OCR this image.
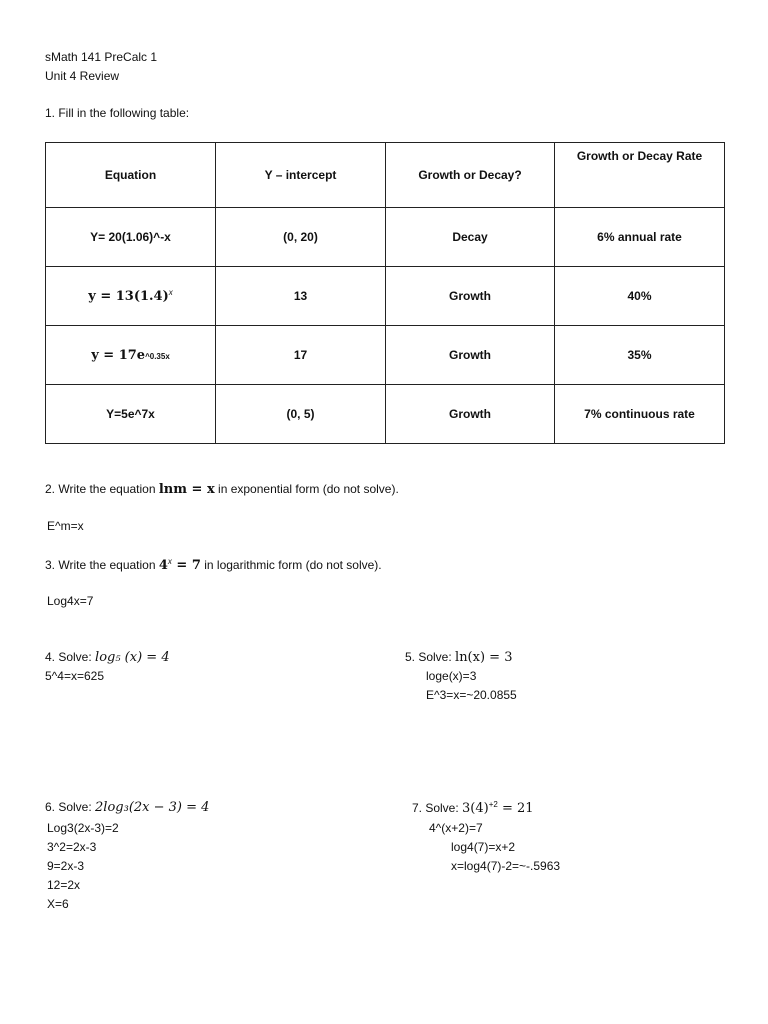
sMath 141 PreCalc 1
Unit 4 Review
1. Fill in the following table:
Equation	Y – intercept	Growth or Decay?	Growth or Decay Rate
Y= 20(1.06)^-x	(0, 20)	Decay	6% annual rate
$y = 13(1.4)^x$	13	Growth	40%
y = 17e^0.35x	17	Growth	35%
Y=5e^7x	(0, 5)	Growth	7% continuous rate
2. Write the equation lnm = x in exponential form (do not solve).
E^m=x
3. Write the equation $4^x = 7$ in logarithmic form (do not solve).
Log4x=7
4. Solve: log₅ (x) = 4
5^4=x=625
5. Solve: ln(x) = 3
loge(x)=3
E^3=x=~20.0855
6. Solve: 2log₃(2x − 3) = 4
Log3(2x-3)=2
3^2=2x-3
9=2x-3
12=2x
X=6
7. Solve: $3(4)^{+2} = 21$
4^(x+2)=7
log4(7)=x+2
x=log4(7)-2=~-.5963
